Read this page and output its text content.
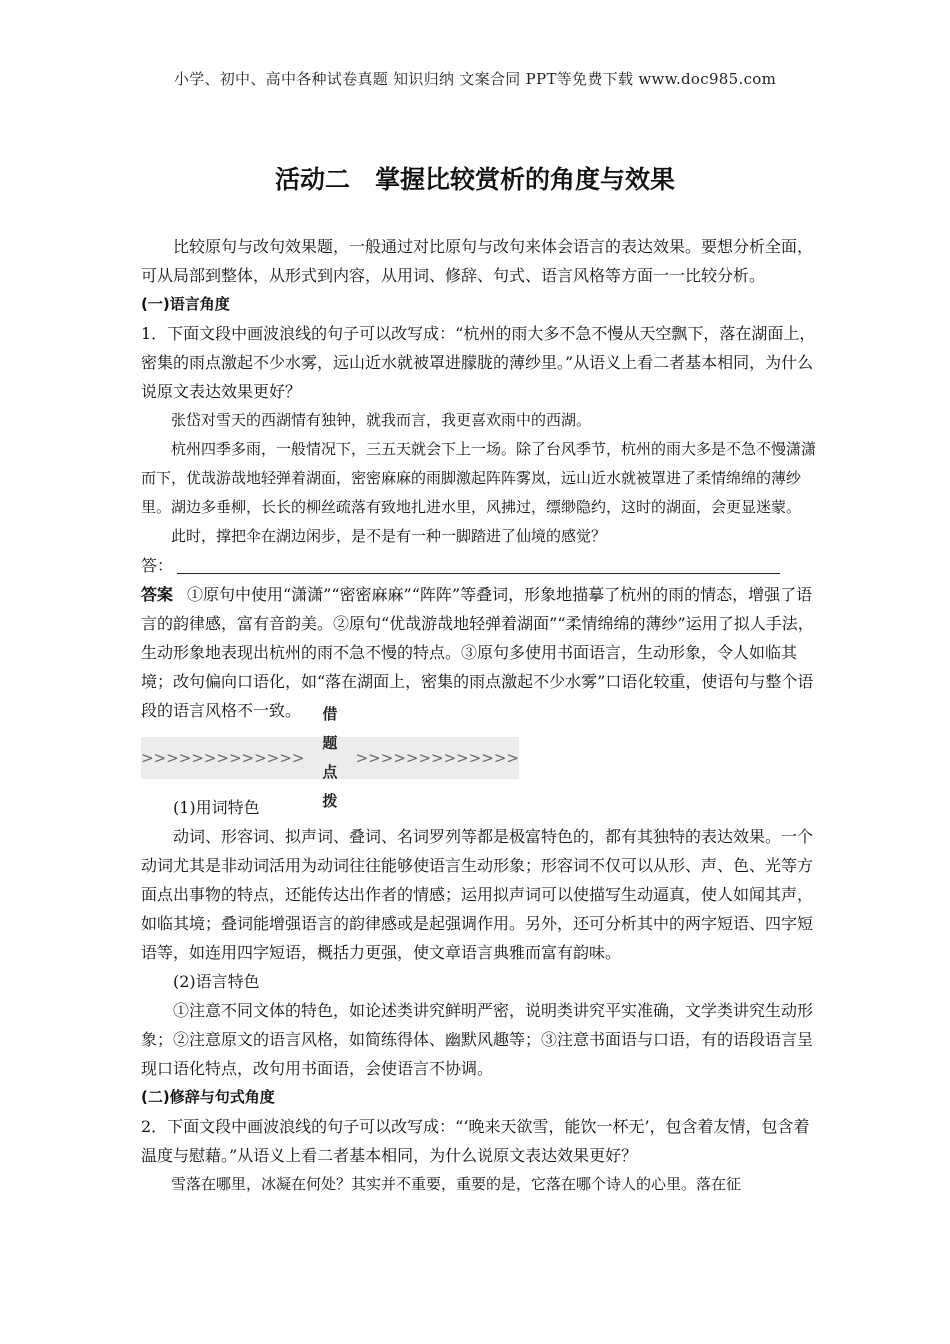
小学、初中、高中各种试卷真题 知识归纳 文案合同 PPT等免费下载 www.doc985.com
活动二　掌握比较赏析的角度与效果

比较原句与改句效果题，一般通过对比原句与改句来体会语言的表达效果。要想分析全面，可从局部到整体，从形式到内容，从用词、修辞、句式、语言风格等方面一一比较分析。

(一)语言角度

1．下面文段中画波浪线的句子可以改写成：“杭州的雨大多不急不慢从天空飘下，落在湖面上，密集的雨点激起不少水雾，远山近水就被罩进朦胧的薄纱里。”从语义上看二者基本相同，为什么说原文表达效果更好？

张岱对雪天的西湖情有独钟，就我而言，我更喜欢雨中的西湖。

杭州四季多雨，一般情况下，三五天就会下上一场。除了台风季节，杭州的雨大多是不急不慢潇潇而下，优哉游哉地轻弹着湖面，密密麻麻的雨脚激起阵阵雾岚，远山近水就被罩进了柔情绵绵的薄纱里。湖边多垂柳，长长的柳丝疏落有致地扎进水里，风拂过，缥缈隐约，这时的湖面，会更显迷蒙。

此时，撑把伞在湖边闲步，是不是有一种一脚踏进了仙境的感觉？

答：

答案 ①原句中使用“潇潇”“密密麻麻”“阵阵”等叠词，形象地描摹了杭州的雨的情态，增强了语言的韵律感，富有音韵美。②原句“优哉游哉地轻弹着湖面”“柔情绵绵的薄纱”运用了拟人手法，生动形象地表现出杭州的雨不急不慢的特点。③原句多使用书面语言，生动形象，令人如临其境；改句偏向口语化，如“落在湖面上，密集的雨点激起不少水雾”口语化较重，使语句与整个语段的语言风格不一致。

>>>>>>>>>>>>>
借题点拨
>>>>>>>>>>>>>

(1)用词特色

动词、形容词、拟声词、叠词、名词罗列等都是极富特色的，都有其独特的表达效果。一个动词尤其是非动词活用为动词往往能够使语言生动形象；形容词不仅可以从形、声、色、光等方面点出事物的特点，还能传达出作者的情感；运用拟声词可以使描写生动逼真，使人如闻其声，如临其境；叠词能增强语言的韵律感或是起强调作用。另外，还可分析其中的两字短语、四字短语等，如连用四字短语，概括力更强，使文章语言典雅而富有韵味。

(2)语言特色

①注意不同文体的特色，如论述类讲究鲜明严密，说明类讲究平实准确，文学类讲究生动形象；②注意原文的语言风格，如简练得体、幽默风趣等；③注意书面语与口语，有的语段语言呈现口语化特点，改句用书面语，会使语言不协调。

(二)修辞与句式角度

2．下面文段中画波浪线的句子可以改写成：“‘晚来天欲雪，能饮一杯无’，包含着友情，包含着温度与慰藉。”从语义上看二者基本相同，为什么说原文表达效果更好？

雪落在哪里，冰凝在何处？其实并不重要，重要的是，它落在哪个诗人的心里。落在征
